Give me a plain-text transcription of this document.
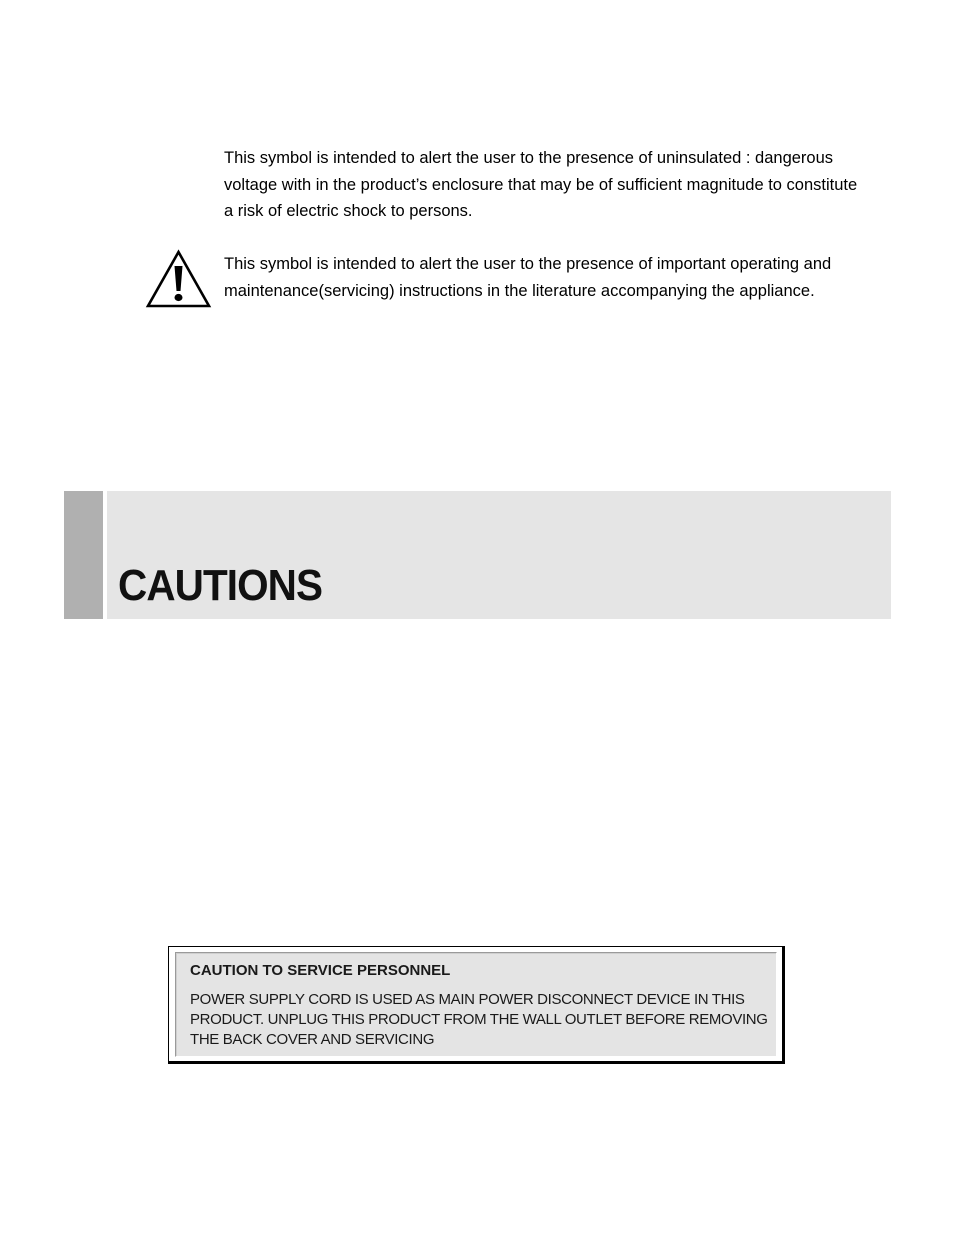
This symbol is intended to alert the user to the presence of uninsulated : dangerous voltage with in the product’s enclosure that may be of sufficient magnitude to constitute a risk of electric shock to persons.
This symbol is intended to alert the user to the presence of important operating and maintenance(servicing) instructions in the literature accompanying the appliance.
CAUTIONS
CAUTION TO SERVICE PERSONNEL
POWER SUPPLY CORD IS USED AS MAIN POWER DISCONNECT DEVICE IN THIS PRODUCT. UNPLUG THIS PRODUCT FROM THE WALL OUTLET BEFORE REMOVING THE BACK COVER AND SERVICING
